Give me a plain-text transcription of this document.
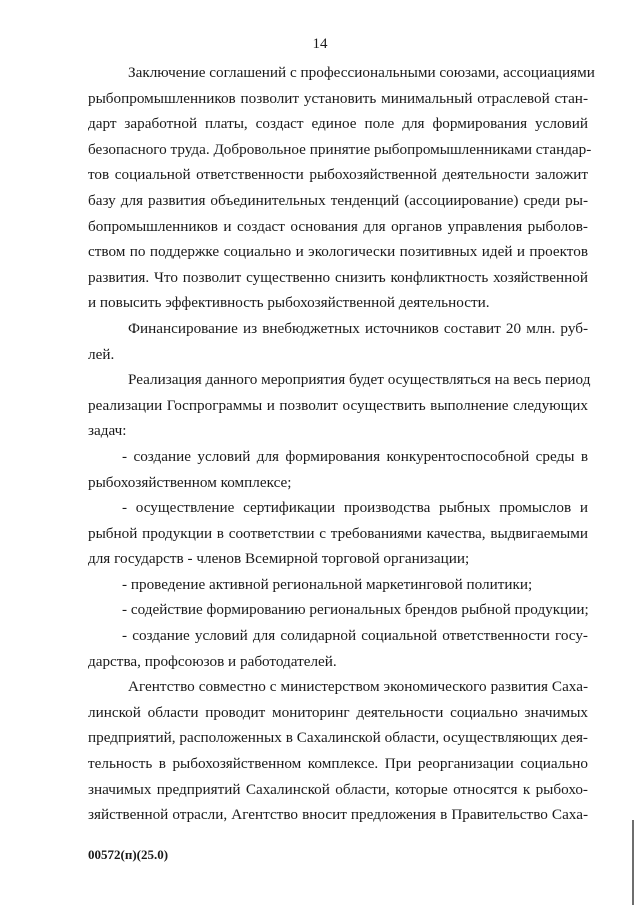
14
Заключение соглашений с профессиональными союзами, ассоциациями
рыбопромышленников позволит установить минимальный отраслевой стан-
дарт заработной платы, создаст единое поле для формирования условий
безопасного труда. Добровольное принятие рыбопромышленниками стандар-
тов социальной ответственности рыбохозяйственной деятельности заложит
базу для развития объединительных тенденций (ассоциирование) среди ры-
бопромышленников и создаст основания для органов управления рыболов-
ством по поддержке социально и экологически позитивных идей и проектов
развития. Что позволит существенно снизить конфликтность хозяйственной
и повысить эффективность рыбохозяйственной деятельности.
Финансирование из внебюджетных источников составит 20 млн. руб-
лей.
Реализация данного мероприятия будет осуществляться на весь период
реализации Госпрограммы и позволит осуществить выполнение следующих
задач:
- создание условий для формирования конкурентоспособной среды в
рыбохозяйственном комплексе;
- осуществление сертификации производства рыбных промыслов и
рыбной продукции в соответствии с требованиями качества, выдвигаемыми
для государств - членов Всемирной торговой организации;
- проведение активной региональной маркетинговой политики;
- содействие формированию региональных брендов рыбной продукции;
- создание условий для солидарной социальной ответственности госу-
дарства, профсоюзов и работодателей.
Агентство совместно с министерством экономического развития Саха-
линской области проводит мониторинг деятельности социально значимых
предприятий, расположенных в Сахалинской области, осуществляющих дея-
тельность в рыбохозяйственном комплексе. При реорганизации социально
значимых предприятий Сахалинской области, которые относятся к рыбохо-
зяйственной отрасли, Агентство вносит предложения в Правительство Саха-
00572(п)(25.0)
